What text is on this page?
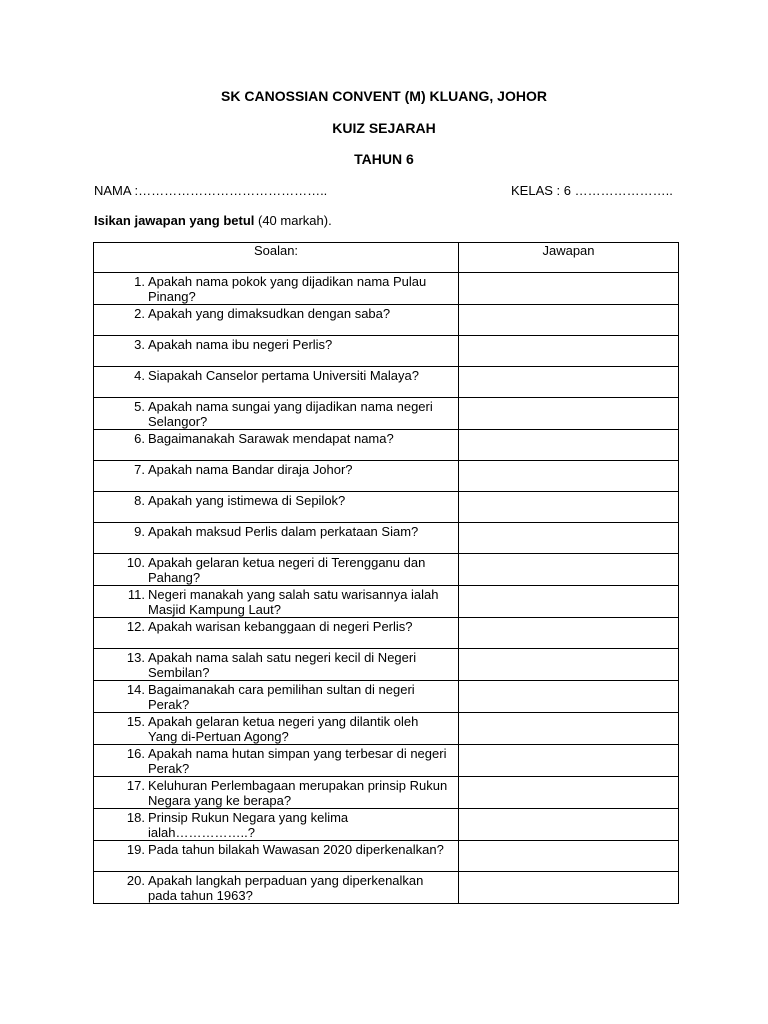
SK CANOSSIAN CONVENT (M) KLUANG, JOHOR
KUIZ SEJARAH
TAHUN 6
NAMA :……………………………………..	KELAS : 6 …………………..
Isikan jawapan yang betul (40 markah).
Soalan:	Jawapan

1. Apakah nama pokok yang dijadikan nama Pulau Pinang?	

2. Apakah yang dimaksudkan dengan saba?	

3. Apakah nama ibu negeri Perlis?	

4. Siapakah Canselor pertama Universiti Malaya?	

5. Apakah nama sungai yang dijadikan nama negeri Selangor?	

6. Bagaimanakah Sarawak mendapat nama?	

7. Apakah nama Bandar diraja Johor?	

8. Apakah yang istimewa di Sepilok?	

9. Apakah maksud Perlis dalam perkataan Siam?	

10. Apakah gelaran ketua negeri di Terengganu dan Pahang?	

11. Negeri manakah yang salah satu warisannya ialah Masjid Kampung Laut?	

12. Apakah warisan kebanggaan di negeri Perlis?	

13. Apakah nama salah satu negeri kecil di Negeri Sembilan?	

14. Bagaimanakah cara pemilihan sultan di negeri Perak?	

15. Apakah gelaran ketua negeri yang dilantik oleh Yang di-Pertuan Agong?	

16. Apakah nama hutan simpan yang terbesar di negeri Perak?	

17. Keluhuran Perlembagaan merupakan prinsip Rukun Negara yang ke berapa?	

18. Prinsip Rukun Negara yang kelima ialah……………..?	

19. Pada tahun bilakah Wawasan 2020 diperkenalkan?	

20. Apakah langkah perpaduan yang diperkenalkan pada tahun 1963?	
